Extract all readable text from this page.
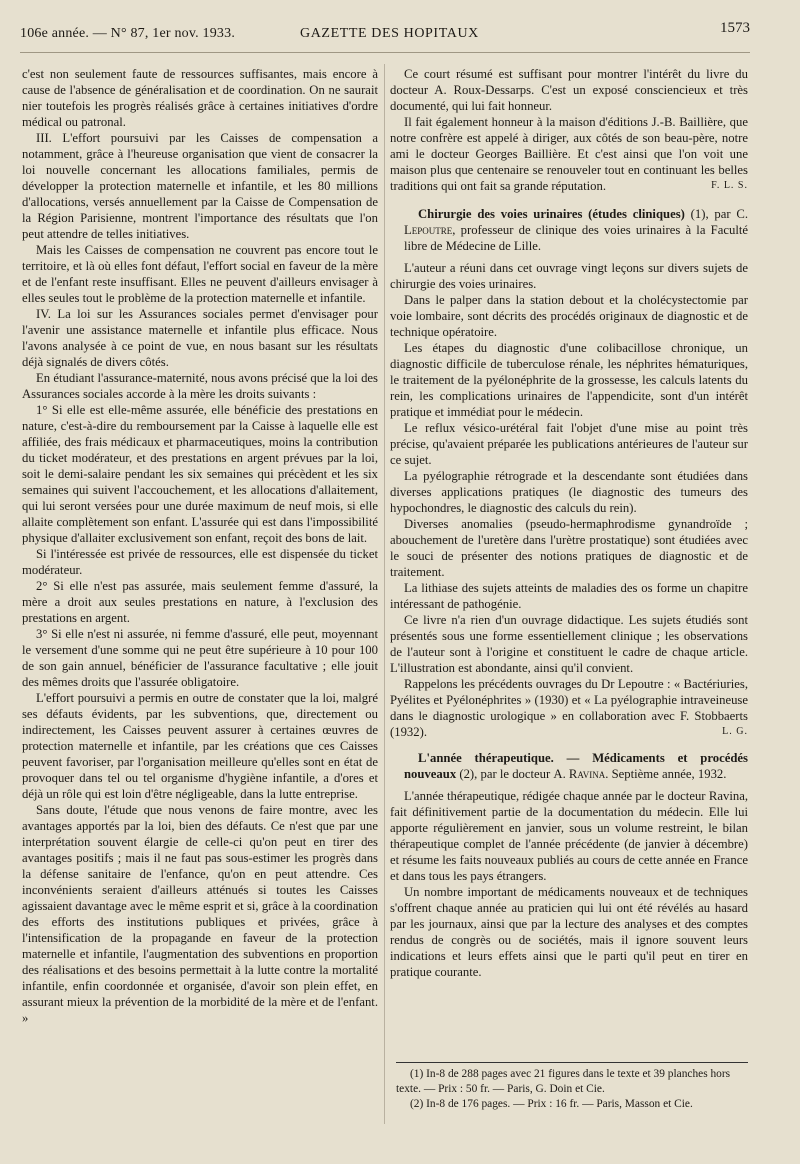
106e année. — N° 87, 1er nov. 1933.	GAZETTE DES HOPITAUX	1573

c'est non seulement faute de ressources suffisantes, mais encore à cause de l'absence de généralisation et de coordination. On ne saurait nier toutefois les progrès réalisés grâce à certaines initiatives d'ordre médical ou patronal.

III. L'effort poursuivi par les Caisses de compensation a notamment, grâce à l'heureuse organisation que vient de consacrer la loi nouvelle concernant les allocations familiales, permis de développer la protection maternelle et infantile, et les 80 millions d'allocations, versés annuellement par la Caisse de Compensation de la Région Parisienne, montrent l'importance des résultats que l'on peut attendre de telles initiatives.

Mais les Caisses de compensation ne couvrent pas encore tout le territoire, et là où elles font défaut, l'effort social en faveur de la mère et de l'enfant reste insuffisant. Elles ne peuvent d'ailleurs envisager à elles seules tout le problème de la protection maternelle et infantile.

IV. La loi sur les Assurances sociales permet d'envisager pour l'avenir une assistance maternelle et infantile plus efficace. Nous l'avons analysée à ce point de vue, en nous basant sur les résultats déjà signalés de divers côtés.

En étudiant l'assurance-maternité, nous avons précisé que la loi des Assurances sociales accorde à la mère les droits suivants :

1° Si elle est elle-même assurée, elle bénéficie des prestations en nature, c'est-à-dire du remboursement par la Caisse à laquelle elle est affiliée, des frais médicaux et pharmaceutiques, moins la contribution du ticket modérateur, et des prestations en argent prévues par la loi, soit le demi-salaire pendant les six semaines qui précèdent et les six semaines qui suivent l'accouchement, et les allocations d'allaitement, qui lui seront versées pour une durée maximum de neuf mois, si elle allaite complètement son enfant. L'assurée qui est dans l'impossibilité physique d'allaiter exclusivement son enfant, reçoit des bons de lait.

Si l'intéressée est privée de ressources, elle est dispensée du ticket modérateur.

2° Si elle n'est pas assurée, mais seulement femme d'assuré, la mère a droit aux seules prestations en nature, à l'exclusion des prestations en argent.

3° Si elle n'est ni assurée, ni femme d'assuré, elle peut, moyennant le versement d'une somme qui ne peut être supérieure à 10 pour 100 de son gain annuel, bénéficier de l'assurance facultative ; elle jouit des mêmes droits que l'assurée obligatoire.

L'effort poursuivi a permis en outre de constater que la loi, malgré ses défauts évidents, par les subventions, que, directement ou indirectement, les Caisses peuvent assurer à certaines œuvres de protection maternelle et infantile, par les créations que ces Caisses peuvent favoriser, par l'organisation meilleure qu'elles sont en état de provoquer dans tel ou tel organisme d'hygiène infantile, a d'ores et déjà un rôle qui est loin d'être négligeable, dans la lutte entreprise.

Sans doute, l'étude que nous venons de faire montre, avec les avantages apportés par la loi, bien des défauts. Ce n'est que par une interprétation souvent élargie de celle-ci qu'on peut en tirer des avantages positifs ; mais il ne faut pas sous-estimer les progrès dans la défense sanitaire de l'enfance, qu'on en peut attendre. Ces inconvénients seraient d'ailleurs atténués si toutes les Caisses agissaient davantage avec le même esprit et si, grâce à la coordination des efforts des institutions publiques et privées, grâce à l'intensification de la propagande en faveur de la protection maternelle et infantile, l'augmentation des subventions en proportion des réalisations et des besoins permettait à la lutte contre la mortalité infantile, enfin coordonnée et organisée, d'avoir son plein effet, en assurant mieux la prévention de la morbidité de la mère et de l'enfant. »

Ce court résumé est suffisant pour montrer l'intérêt du livre du docteur A. Roux-Dessarps. C'est un exposé consciencieux et très documenté, qui lui fait honneur.

Il fait également honneur à la maison d'éditions J.-B. Baillière, que notre confrère est appelé à diriger, aux côtés de son beau-père, notre ami le docteur Georges Baillière. Et c'est ainsi que l'on voit une maison plus que centenaire se renouveler tout en continuant les belles traditions qui ont fait sa grande réputation.	F. L. S.

Chirurgie des voies urinaires (études cliniques) (1), par C. Lepoutre, professeur de clinique des voies urinaires à la Faculté libre de Médecine de Lille.

L'auteur a réuni dans cet ouvrage vingt leçons sur divers sujets de chirurgie des voies urinaires.

Dans le palper dans la station debout et la cholécystectomie par voie lombaire, sont décrits des procédés originaux de diagnostic et de technique opératoire.

Les étapes du diagnostic d'une colibacillose chronique, un diagnostic difficile de tuberculose rénale, les néphrites hématuriques, le traitement de la pyélonéphrite de la grossesse, les calculs latents du rein, les complications urinaires de l'appendicite, sont d'un intérêt pratique et immédiat pour le médecin.

Le reflux vésico-urétéral fait l'objet d'une mise au point très précise, qu'avaient préparée les publications antérieures de l'auteur sur ce sujet.

La pyélographie rétrograde et la descendante sont étudiées dans diverses applications pratiques (le diagnostic des tumeurs des hypochondres, le diagnostic des calculs du rein).

Diverses anomalies (pseudo-hermaphrodisme gynandroïde ; abouchement de l'uretère dans l'urètre prostatique) sont étudiées avec le souci de présenter des notions pratiques de diagnostic et de traitement.

La lithiase des sujets atteints de maladies des os forme un chapitre intéressant de pathogénie.

Ce livre n'a rien d'un ouvrage didactique. Les sujets étudiés sont présentés sous une forme essentiellement clinique ; les observations de l'auteur sont à l'origine et constituent le cadre de chaque article. L'illustration est abondante, ainsi qu'il convient.

Rappelons les précédents ouvrages du Dr Lepoutre : « Bactériuries, Pyélites et Pyélonéphrites » (1930) et « La pyélographie intraveineuse dans le diagnostic urologique » en collaboration avec F. Stobbaerts (1932).	L. G.

L'année thérapeutique. — Médicaments et procédés nouveaux (2), par le docteur A. Ravina. Septième année, 1932.

L'année thérapeutique, rédigée chaque année par le docteur Ravina, fait définitivement partie de la documentation du médecin. Elle lui apporte régulièrement en janvier, sous un volume restreint, le bilan thérapeutique complet de l'année précédente (de janvier à décembre) et résume les faits nouveaux publiés au cours de cette année en France et dans tous les pays étrangers.

Un nombre important de médicaments nouveaux et de techniques s'offrent chaque année au praticien qui lui ont été révélés au hasard par les journaux, ainsi que par la lecture des analyses et des comptes rendus de congrès ou de sociétés, mais il ignore souvent leurs indications et leurs effets ainsi que le parti qu'il peut en tirer en pratique courante.

(1) In-8 de 288 pages avec 21 figures dans le texte et 39 planches hors texte. — Prix : 50 fr. — Paris, G. Doin et Cie.

(2) In-8 de 176 pages. — Prix : 16 fr. — Paris, Masson et Cie.
